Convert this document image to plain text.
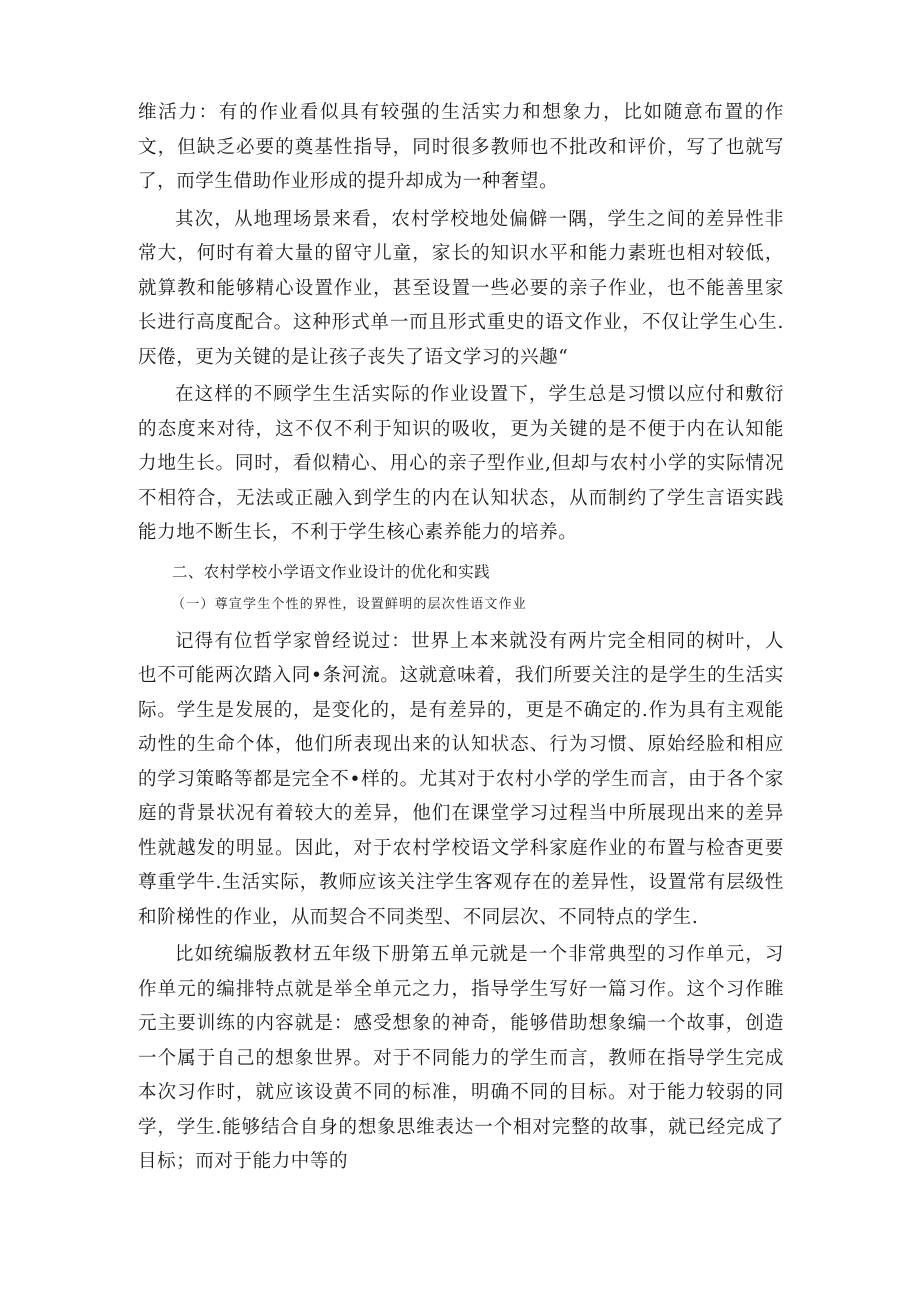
维活力：有的作业看似具有较强的生活实力和想象力，比如随意布置的作文，但缺乏必要的奠基性指导，同时很多教师也不批改和评价，写了也就写了，而学生借助作业形成的提升却成为一种奢望。

其次，从地理场景来看，农村学校地处偏僻一隅，学生之间的差异性非常大，何时有着大量的留守儿童，家长的知识水平和能力素班也相对较低，就算教和能够精心设置作业，甚至设置一些必要的亲子作业，也不能善里家长进行高度配合。这种形式单一而且形式重史的语文作业，不仅让学生心生.厌倦，更为关键的是让孩子丧失了语文学习的兴趣“

在这样的不顾学生生活实际的作业设置下，学生总是习惯以应付和敷衍的态度来对待，这不仅不利于知识的吸收，更为关键的是不便于内在认知能力地生长。同时，看似精心、用心的亲子型作业,但却与农村小学的实际情况不相符合，无法或正融入到学生的内在认知状态，从而制约了学生言语实践能力地不断生长，不利于学生核心素养能力的培养。

二、农村学校小学语文作业设计的优化和实践
（一）尊宣学生个性的界性，设置鲜明的层次性语文作业

记得有位哲学家曾经说过：世界上本来就没有两片完全相同的树叶，人也不可能两次踏入同•条河流。这就意味着，我们所要关注的是学生的生活实际。学生是发展的，是变化的，是有差异的，更是不确定的.作为具有主观能动性的生命个体，他们所表现出来的认知状态、行为习惯、原始经脸和相应的学习策略等都是完全不•样的。尤其对于农村小学的学生而言，由于各个家庭的背景状况有着较大的差异，他们在课堂学习过程当中所展现出来的差异性就越发的明显。因此，对于农村学校语文学科家庭作业的布置与检杳更要尊重学牛.生活实际，教师应该关注学生客观存在的差异性，设置常有层级性和阶梯性的作业，从而契合不同类型、不同层次、不同特点的学生.

比如统编版教材五年级下册第五单元就是一个非常典型的习作单元，习作单元的编排特点就是举全单元之力，指导学生写好一篇习作。这个习作睢元主要训练的内容就是：感受想象的神奇，能够借助想象编一个故事，创造一个属于自己的想象世界。对于不同能力的学生而言，教师在指导学生完成本次习作时，就应该设黄不同的标准，明确不同的目标。对于能力较弱的同学，学生.能够结合自身的想象思维表达一个相对完整的故事，就已经完成了目标；而对于能力中等的
